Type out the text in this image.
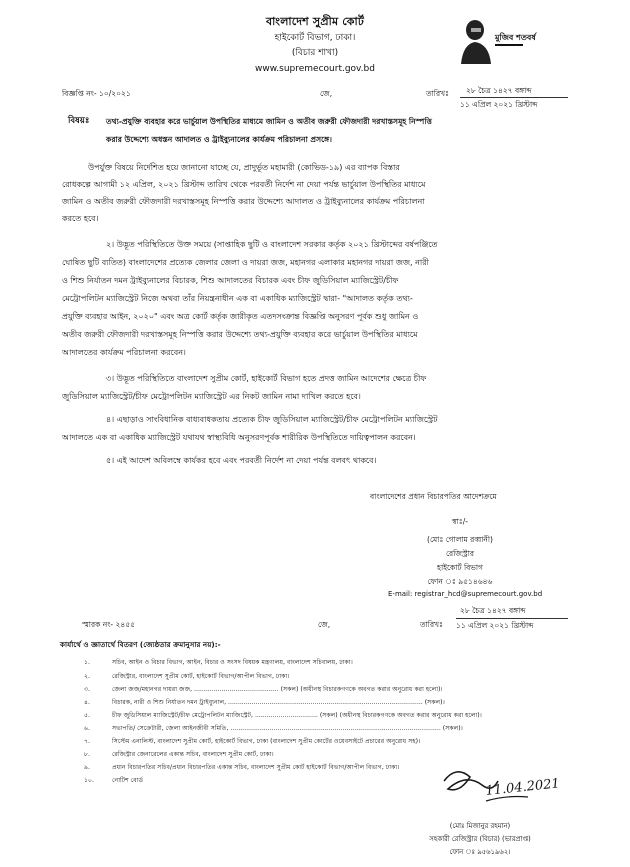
বাংলাদেশ সুপ্রীম কোর্ট
হাইকোর্ট বিভাগ, ঢাকা।
(বিচার শাখা)
www.supremecourt.gov.bd
মুজিব শতবর্ষ
বিজ্ঞপ্তি নং- ১০/২০২১	জে,	তারিখঃ ২৮ চৈত্র ১৪২৭ বঙ্গাব্দ
১১ এপ্রিল ২০২১ খ্রিস্টাব্দ
বিষয়ঃ তথ্য-প্রযুক্তি ব্যবহার করে ভার্চুয়াল উপস্থিতির মাধ্যমে জামিন ও অতীব জরুরী ফৌজদারী দরখাস্তসমূহ নিস্পত্তি
করার উদ্দেশ্যে অধস্তন আদালত ও ট্রাইব্যুনালের কার্যক্রম পরিচালনা প্রসঙ্গে।
উপর্যুক্ত বিষয়ে নির্দেশিত হয়ে জানানো যাচ্ছে যে, প্রাদুর্ভূত মহামারী (কোভিড-১৯) এর ব্যাপক বিস্তার
রোধকল্পে আগামী ১২ এপ্রিল, ২০২১ খ্রিস্টাব্দ তারিখ থেকে পরবর্তী নির্দেশ না দেয়া পর্যন্ত ভার্চুয়াল উপস্থিতির মাধ্যমে
জামিন ও অতীব জরুরী ফৌজদারী দরখাস্তসমূহ নিস্পত্তি করার উদ্দেশ্যে আদালত ও ট্রাইব্যুনালের কার্যক্রম পরিচালনা
করতে হবে।
২। উদ্ভূত পরিস্থিতিতে উক্ত সময়ে (সাপ্তাহিক ছুটি ও বাংলাদেশ সরকার কর্তৃক ২০২১ খ্রিস্টাব্দের বর্ষপঞ্জিতে
ঘোষিত ছুটি ব্যতিত) বাংলাদেশের প্রত্যেক জেলার জেলা ও দায়রা জজ, মহানগর এলাকার মহানগর দায়রা জজ, নারী
ও শিশু নির্যাতন দমন ট্রাইব্যুনালের বিচারক, শিশু আদালতের বিচারক এবং চীফ জুডিসিয়াল ম্যাজিস্ট্রেট/চীফ
মেট্রোপলিটন ম্যাজিস্ট্রেট নিজে অথবা তাঁর নিয়ন্ত্রনাধীন এক বা একাধিক ম্যাজিস্ট্রেট দ্বারা- "আদালত কর্তৃক তথ্য-
প্রযুক্তি ব্যবহার আইন, ২০২০" এবং অত্র কোর্ট কর্তৃক জারীকৃত এতদসংক্রান্ত বিজ্ঞপ্তি অনুসরণ পূর্বক শুধু জামিন ও
অতীব জরুরী ফৌজদারী দরখাস্তসমূহ নিস্পত্তি করার উদ্দেশ্যে তথ্য-প্রযুক্তি ব্যবহার করে ভার্চুয়াল উপস্থিতির মাধ্যমে
আদালতের কার্যক্রম পরিচালনা করবেন।
৩। উদ্ভূত পরিস্থিতিতে বাংলাদেশ সুপ্রীম কোর্ট, হাইকোর্ট বিভাগ হতে প্রদত্ত জামিন আদেশের ক্ষেত্রে চীফ
জুডিসিয়াল ম্যাজিস্ট্রেট/চীফ মেট্রোপলিটন ম্যাজিস্ট্রেট এর নিকট জামিন নামা দাখিল করতে হবে।
৪। এছাড়াও সাংবিধানিক বাধ্যবাধকতায় প্রত্যেক চীফ জুডিসিয়াল ম্যাজিস্ট্রেট/চীফ মেট্রোপলিটন ম্যাজিস্ট্রেট
আদালতে এক বা একাধিক ম্যাজিস্ট্রেট যথাযথ স্বাস্থ্যবিধি অনুসরণপূর্বক শারীরিক উপস্থিতিতে দায়িত্বপালন করবেন।
৫। এই আদেশ অবিলম্বে কার্যকর হবে এবং পরবর্তী নির্দেশ না দেয়া পর্যন্ত বলবৎ থাকবে।
বাংলাদেশের প্রধান বিচারপতির আদেশক্রমে
স্বাঃ/-
(মোঃ গোলাম রব্বানী)
রেজিস্ট্রার
হাইকোর্ট বিভাগ
ফোন ঃ ৯৫১৪৬৪৬
E-mail: registrar_hcd@supremecourt.gov.bd
২৮ চৈত্র ১৪২৭ বঙ্গাব্দ
স্মারক নং- ২৪৫৫	জে,	তারিখঃ ১১ এপ্রিল ২০২১ খ্রিস্টাব্দ
কার্যার্থে ও জ্ঞাতার্থে বিতরণ (জ্যেষ্ঠতার ক্রমানুসার নয়):-
১.	সচিব, আইন ও বিচার বিভাগ, আইন, বিচার ও সংসদ বিষয়ক মন্ত্রণালয়, বাংলাদেশ সচিবালয়, ঢাকা।
২.	রেজিস্ট্রার, বাংলাদেশ সুপ্রীম কোর্ট, হাইকোর্ট বিভাগ/আপীল বিভাগ, ঢাকা।
৩.	জেলা জজ/মহানগর দায়রা জজ, ........................................... (সকল) (অধীনস্থ বিচারকগণকে অবগত করার অনুরোধ করা হলো)।
৪.	বিচারক, নারী ও শিশু নির্যাতন দমন ট্রাইব্যুনাল, ................................................................................................... (সকল)।
৫.	চীফ জুডিসিয়াল ম্যাজিস্ট্রেট/চীফ মেট্রোপলিটন ম্যাজিস্ট্রেট, ................................ (সকল) (অধীনস্থ বিচারকগণকে অবগত করার অনুরোধ করা হলো)।
৬.	সভাপতি/ সেক্রেটারী, জেলা আইনজীবী সমিতি, ........................................................................................................... (সকল)।
৭.	সিস্টেম এনালিস্ট, বাংলাদেশ সুপ্রীম কোর্ট, হাইকোর্ট বিভাগ, ঢাকা (বাংলাদেশ সুপ্রীম কোর্টের ওয়েবসাইটে প্রচারের অনুরোধ সহ)।
৮.	রেজিস্ট্রার জেনারেলের একান্ত সচিব, বাংলাদেশ সুপ্রীম কোর্ট, ঢাকা।
৯.	প্রধান বিচারপতির সচিব/প্রধান বিচারপতির একান্ত সচিব, বাংলাদেশ সুপ্রীম কোর্ট হাইকোর্ট বিভাগ/আপীল বিভাগ, ঢাকা।
১০.	নোটিশ বোর্ড	11.04.2021
(মোঃ মিজানুর রহমান)
সহকারী রেজিস্ট্রার (বিচার) (ভারপ্রাপ্ত)
ফোন ঃ ৯৫৬১৯৬২।
